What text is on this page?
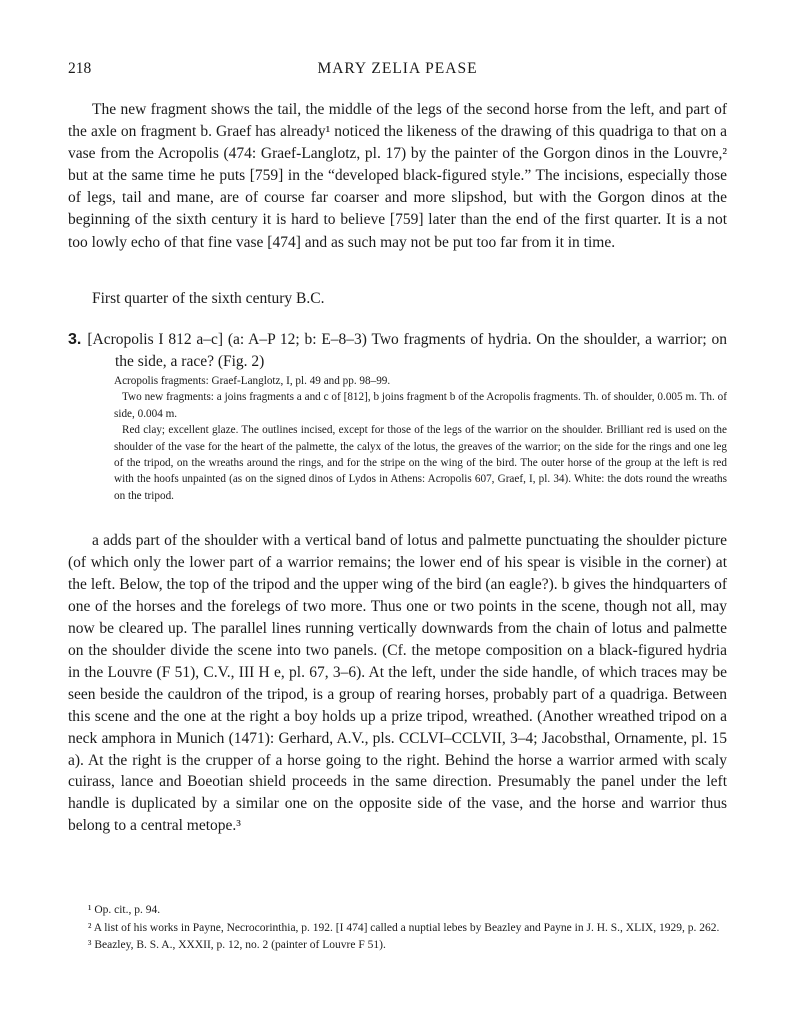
218	MARY ZELIA PEASE

The new fragment shows the tail, the middle of the legs of the second horse from the left, and part of the axle on fragment b. Graef has already¹ noticed the likeness of the drawing of this quadriga to that on a vase from the Acropolis (474: Graef-Langlotz, pl. 17) by the painter of the Gorgon dinos in the Louvre,² but at the same time he puts [759] in the “developed black-figured style.” The incisions, especially those of legs, tail and mane, are of course far coarser and more slipshod, but with the Gorgon dinos at the beginning of the sixth century it is hard to believe [759] later than the end of the first quarter. It is a not too lowly echo of that fine vase [474] and as such may not be put too far from it in time.

First quarter of the sixth century B.C.

3. [Acropolis I 812 a–c] (a: A–P 12; b: E–8–3) Two fragments of hydria. On the shoulder, a warrior; on the side, a race? (Fig. 2)

Acropolis fragments: Graef-Langlotz, I, pl. 49 and pp. 98–99.

Two new fragments: a joins fragments a and c of [812], b joins fragment b of the Acropolis fragments. Th. of shoulder, 0.005 m. Th. of side, 0.004 m.

Red clay; excellent glaze. The outlines incised, except for those of the legs of the warrior on the shoulder. Brilliant red is used on the shoulder of the vase for the heart of the palmette, the calyx of the lotus, the greaves of the warrior; on the side for the rings and one leg of the tripod, on the wreaths around the rings, and for the stripe on the wing of the bird. The outer horse of the group at the left is red with the hoofs unpainted (as on the signed dinos of Lydos in Athens: Acropolis 607, Graef, I, pl. 34). White: the dots round the wreaths on the tripod.

a adds part of the shoulder with a vertical band of lotus and palmette punctuating the shoulder picture (of which only the lower part of a warrior remains; the lower end of his spear is visible in the corner) at the left. Below, the top of the tripod and the upper wing of the bird (an eagle?). b gives the hindquarters of one of the horses and the forelegs of two more. Thus one or two points in the scene, though not all, may now be cleared up. The parallel lines running vertically downwards from the chain of lotus and palmette on the shoulder divide the scene into two panels. (Cf. the metope composition on a black-figured hydria in the Louvre (F 51), C.V., III H e, pl. 67, 3–6). At the left, under the side handle, of which traces may be seen beside the cauldron of the tripod, is a group of rearing horses, probably part of a quadriga. Between this scene and the one at the right a boy holds up a prize tripod, wreathed. (Another wreathed tripod on a neck amphora in Munich (1471): Gerhard, A.V., pls. CCLVI–CCLVII, 3–4; Jacobsthal, Ornamente, pl. 15 a). At the right is the crupper of a horse going to the right. Behind the horse a warrior armed with scaly cuirass, lance and Boeotian shield proceeds in the same direction. Presumably the panel under the left handle is duplicated by a similar one on the opposite side of the vase, and the horse and warrior thus belong to a central metope.³

¹ Op. cit., p. 94.

² A list of his works in Payne, Necrocorinthia, p. 192. [I 474] called a nuptial lebes by Beazley and Payne in J. H. S., XLIX, 1929, p. 262.

³ Beazley, B. S. A., XXXII, p. 12, no. 2 (painter of Louvre F 51).
